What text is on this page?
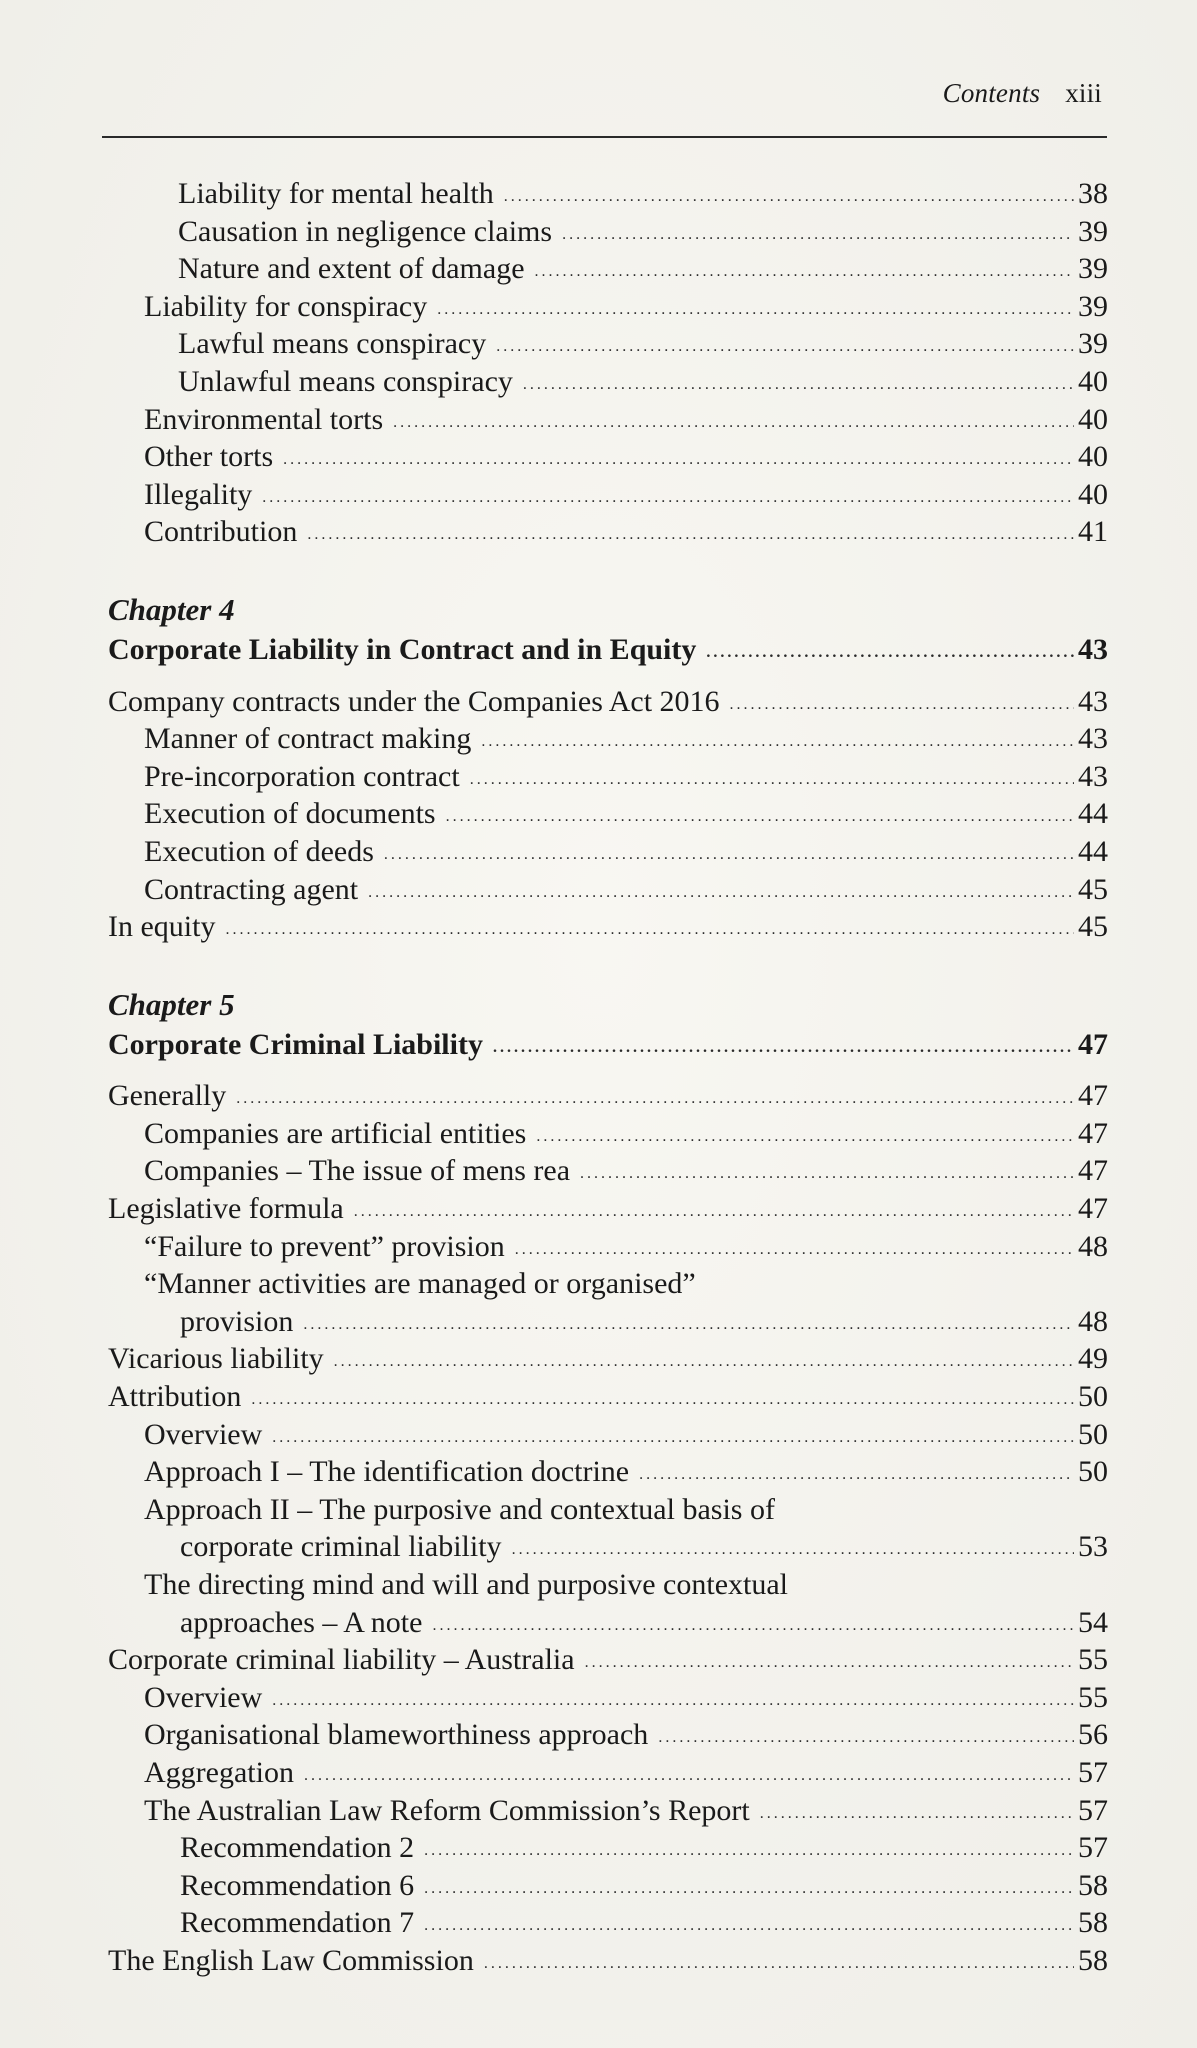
Contents xiii
Liability for mental health .....	38
Causation in negligence claims .....	39
Nature and extent of damage .....	39
Liability for conspiracy .....	39
Lawful means conspiracy .....	39
Unlawful means conspiracy .....	40
Environmental torts .....	40
Other torts .....	40
Illegality .....	40
Contribution .....	41
Chapter 4
Corporate Liability in Contract and in Equity .....	43
Company contracts under the Companies Act 2016 .....	43
Manner of contract making .....	43
Pre-incorporation contract .....	43
Execution of documents .....	44
Execution of deeds .....	44
Contracting agent .....	45
In equity .....	45
Chapter 5
Corporate Criminal Liability .....	47
Generally .....	47
Companies are artificial entities .....	47
Companies – The issue of mens rea .....	47
Legislative formula .....	47
“Failure to prevent” provision .....	48
“Manner activities are managed or organised”
provision .....	48
Vicarious liability .....	49
Attribution .....	50
Overview .....	50
Approach I – The identification doctrine .....	50
Approach II – The purposive and contextual basis of
corporate criminal liability .....	53
The directing mind and will and purposive contextual
approaches – A note .....	54
Corporate criminal liability – Australia .....	55
Overview .....	55
Organisational blameworthiness approach .....	56
Aggregation .....	57
The Australian Law Reform Commission’s Report .....	57
Recommendation 2 .....	57
Recommendation 6 .....	58
Recommendation 7 .....	58
The English Law Commission .....	58
